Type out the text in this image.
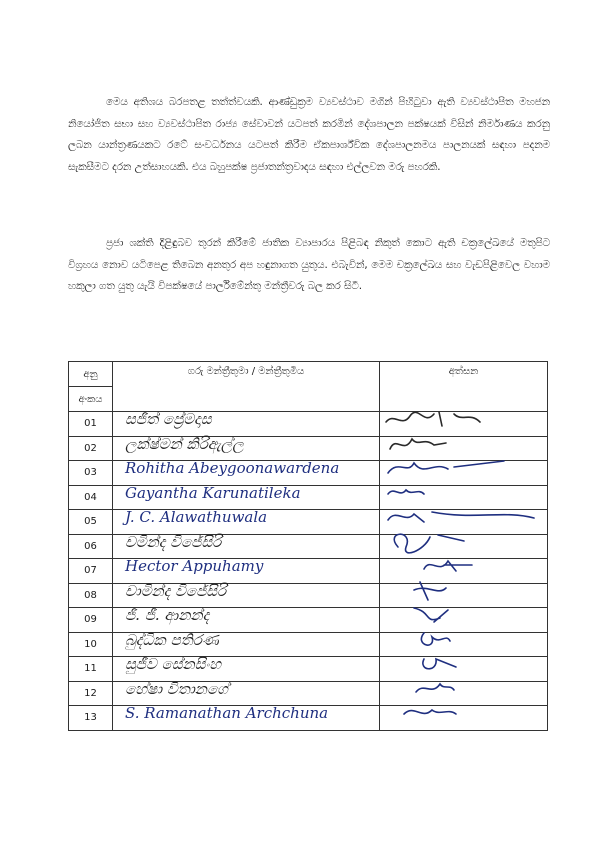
මෙය අතිශය බරපතළ තත්ත්වයකි. ආණ්ඩුක්‍රම ව්‍යවස්ථාව මගින් පිහිටුවා ඇති ව්‍යවස්ථාපිත මහජන නියෝජිත සභා සහ ව්‍යවස්ථාපිත රාජ්‍ය සේවාවන් යටපත් කරමින් දේශපාලන පක්ෂයක් විසින් නිර්මාණය කරනු ලබන යාන්ත්‍රණයකට රටේ සංවර්ධනය යටපත් කිරීම ඒකපාර්ශ්වික දේශපාලනමය පාලනයක් සඳහා පදනම සැකසීමට දරන උත්සාහයකි. එය බහුපක්ෂ ප්‍රජාතන්ත්‍රවාදය සඳහා එල්ලවන මරු පහරකි.

ප්‍රජා ශක්ති දිළිඳුබව තුරන් කිරීමේ ජාතික ව්‍යාපාරය පිළිබඳ නිකුත් කොට ඇති චක්‍රලේඛයේ මතුපිට විග්‍රහය නොව යටිපෙළ තිබෙන අනතුර අප හඳුනාගත යුතුය. එබැවින්, මෙම චක්‍රලේඛය සහ වැඩපිළිවෙල වහාම හකුලා ගත යුතු යැයි විපක්ෂයේ පාර්ලිමේන්තු මන්ත්‍රීවරු බල කර සිටී.

අනු	ගරු මන්ත්‍රීතුමා / මන්ත්‍රීතුමිය	අත්සන
අංකය		
01	සජිත් ප්‍රේමදාස

02	ලක්ෂ්මන් කිරිඇල්ල

03	Rohitha Abeygoonawardena

04	Gayantha Karunatileka

05	J. C. Alawathuwala

06	චමින්ද විජේසිරි

07	Hector Appuhamy

08	චාමින්ද විජේසිරි

09	ජි. ජී. ආනන්ද

10	බුද්ධික පතිරණ

11	සුජීව සේනසිංහ

12	හේෂා විතානගේ

13	S. Ramanathan Archchuna
